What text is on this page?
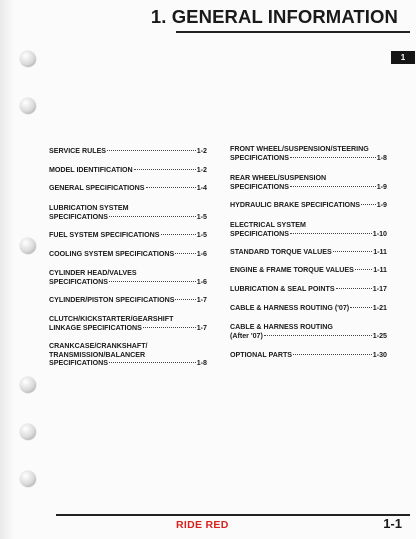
1. GENERAL INFORMATION
1
SERVICE RULES	1-2
MODEL IDENTIFICATION	1-2
GENERAL SPECIFICATIONS	1-4
LUBRICATION SYSTEM
SPECIFICATIONS	1-5
FUEL SYSTEM SPECIFICATIONS	1-5
COOLING SYSTEM SPECIFICATIONS	1-6
CYLINDER HEAD/VALVES
SPECIFICATIONS	1-6
CYLINDER/PISTON SPECIFICATIONS	1-7
CLUTCH/KICKSTARTER/GEARSHIFT
LINKAGE SPECIFICATIONS	1-7
CRANKCASE/CRANKSHAFT/
TRANSMISSION/BALANCER
SPECIFICATIONS	1-8
FRONT WHEEL/SUSPENSION/STEERING
SPECIFICATIONS	1-8
REAR WHEEL/SUSPENSION
SPECIFICATIONS	1-9
HYDRAULIC BRAKE SPECIFICATIONS 1-9
ELECTRICAL SYSTEM
SPECIFICATIONS	1-10
STANDARD TORQUE VALUES	1-11
ENGINE & FRAME TORQUE VALUES	1-11
LUBRICATION & SEAL POINTS	1-17
CABLE & HARNESS ROUTING ('07)	1-21
CABLE & HARNESS ROUTING
(After '07)	1-25
OPTIONAL PARTS	1-30
RIDE RED	1-1
